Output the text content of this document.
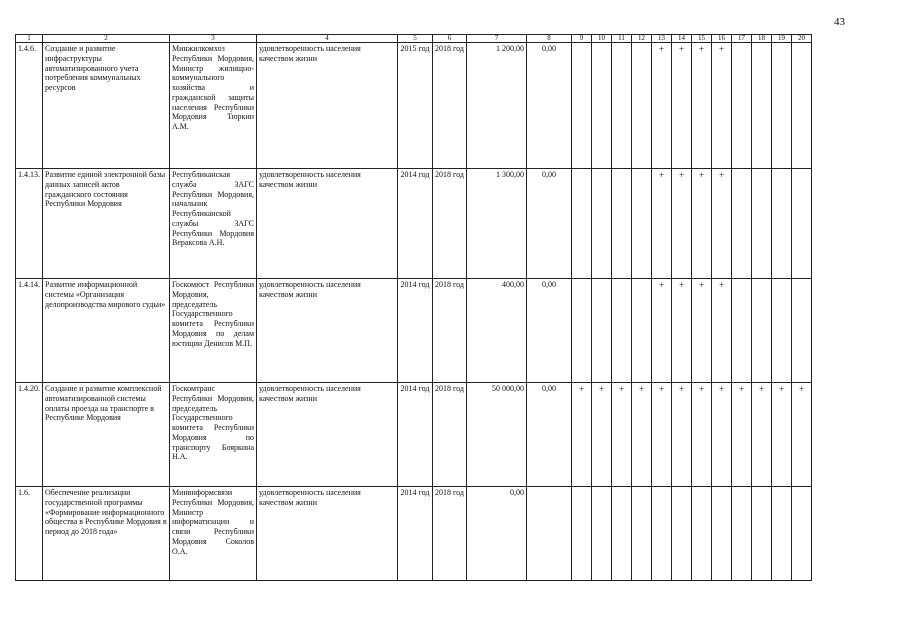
43
1	2	3	4	5	6	7	8	9	10	11	12	13	14	15	16	17	18	19	20
1.4.6.	Создание и развитие инфраструктуры автоматизированного учета потребления коммунальных ресурсов	Минжилкомхоз Республики Мордовия, Министр жилищно-коммунального хозяйства и гражданской защиты населения Республики Мордовия Тюркин А.М.	удовлетворенность населения качеством жизни	2015 год	2018 год	1 200,00	0,00					+	+	+	+				
1.4.13.	Развитие единой электронной базы данных записей актов гражданского состояния Республики Мордовия	Республиканская служба ЗАГС Республики Мордовия, начальник Республиканской службы ЗАГС Республики Мордовия Вераксова А.Н.	удовлетворенность населения качеством жизни	2014 год	2018 год	1 300,00	0,00					+	+	+	+				
1.4.14.	Развитие информационной системы «Организация делопроизводства мирового судьи»	Госкомюст Республики Мордовия, председатель Государственного комитета Республики Мордовия по делам юстиции Денисов М.П.	удовлетворенность населения качеством жизни	2014 год	2018 год	400,00	0,00					+	+	+	+				
1.4.20.	Создание и развитие комплексной автоматизированной системы оплаты проезда на транспорте в Республике Мордовия	Госкомтранс Республики Мордовия, председатель Государственного комитета Республики Мордовия по транспорту Бояркина Н.А.	удовлетворенность населения качеством жизни	2014 год	2018 год	50 000,00	0,00	+	+	+	+	+	+	+	+	+	+	+	+
1.6.	Обеспечение реализации государственной программы «Формирование информационного общества в Республике Мордовия в период до 2018 года»	Минвнформсвязи Республики Мордовия, Министр информатизации и связи Республики Мордовия Соколов О.А.	удовлетворенность населения качеством жизни	2014 год	2018 год	0,00													
